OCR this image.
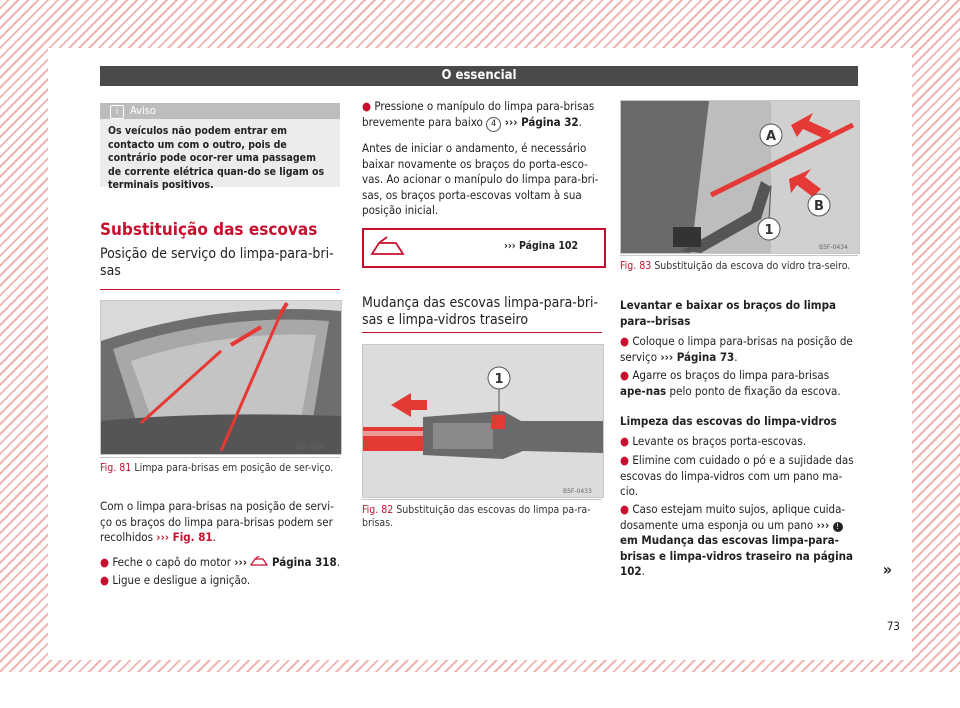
O essencial
i	Aviso
Os veículos não podem entrar em contacto um com o outro, pois de contrário pode ocor-rer uma passagem de corrente elétrica quan-do se ligam os terminais positivos.
Substituição das escovas
Posição de serviço do limpa-para-bri-sas
B5F-0369
Fig. 81 Limpa para-brisas em posição de ser-viço.
Com o limpa para-brisas na posição de servi-ço os braços do limpa para-brisas podem ser recolhidos ››› Fig. 81.
● Feche o capô do motor ›››  Página 318.
● Ligue e desligue a ignição.
● Pressione o manípulo do limpa para-brisas brevemente para baixo 4 ››› Página 32.
Antes de iniciar o andamento, é necessário baixar novamente os braços do porta-esco-vas. Ao acionar o manípulo do limpa para-bri-sas, os braços porta-escovas voltam à sua posição inicial.
››› Página 102
Mudança das escovas limpa-para-bri-sas e limpa-vidros traseiro
1
B5F-0433
Fig. 82 Substituição das escovas do limpa pa-ra-brisas.
A
B
1
B5F-0434
Fig. 83 Substituição da escova do vidro tra-seiro.
Levantar e baixar os braços do limpa para--brisas
● Coloque o limpa para-brisas na posição de serviço ››› Página 73.
● Agarre os braços do limpa para-brisas ape-nas pelo ponto de fixação da escova.
Limpeza das escovas do limpa-vidros
● Levante os braços porta-escovas.
● Elimine com cuidado o pó e a sujidade das escovas do limpa-vidros com um pano ma-cio.
● Caso estejam muito sujos, aplique cuida-dosamente uma esponja ou um pano ››› ! em Mudança das escovas limpa-para-brisas e limpa-vidros traseiro na página 102.	»
73
